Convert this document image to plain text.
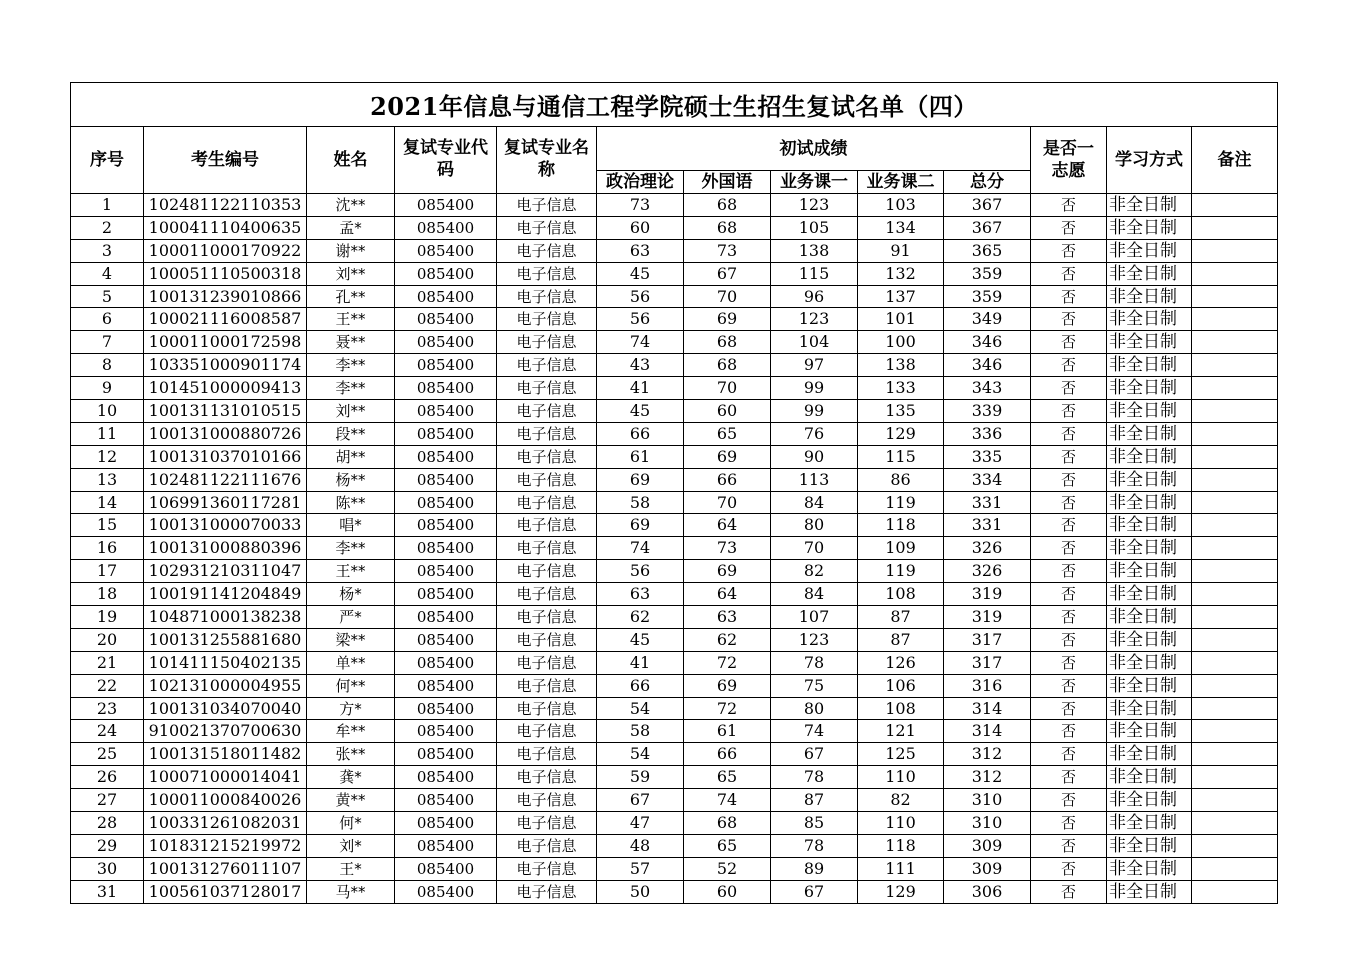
2021年信息与通信工程学院硕士生招生复试名单（四）												
序号	考生编号	姓名	复试专业代码	复试专业名称	初试成绩					是否一志愿	学习方式	备注
					政治理论	外国语	业务课一	业务课二	总分			
1	102481122110353	沈**	085400	电子信息	73	68	123	103	367	否	非全日制	
2	100041110400635	孟*	085400	电子信息	60	68	105	134	367	否	非全日制	
3	100011000170922	谢**	085400	电子信息	63	73	138	91	365	否	非全日制	
4	100051110500318	刘**	085400	电子信息	45	67	115	132	359	否	非全日制	
5	100131239010866	孔**	085400	电子信息	56	70	96	137	359	否	非全日制	
6	100021116008587	王**	085400	电子信息	56	69	123	101	349	否	非全日制	
7	100011000172598	聂**	085400	电子信息	74	68	104	100	346	否	非全日制	
8	103351000901174	李**	085400	电子信息	43	68	97	138	346	否	非全日制	
9	101451000009413	李**	085400	电子信息	41	70	99	133	343	否	非全日制	
10	100131131010515	刘**	085400	电子信息	45	60	99	135	339	否	非全日制	
11	100131000880726	段**	085400	电子信息	66	65	76	129	336	否	非全日制	
12	100131037010166	胡**	085400	电子信息	61	69	90	115	335	否	非全日制	
13	102481122111676	杨**	085400	电子信息	69	66	113	86	334	否	非全日制	
14	106991360117281	陈**	085400	电子信息	58	70	84	119	331	否	非全日制	
15	100131000070033	唱*	085400	电子信息	69	64	80	118	331	否	非全日制	
16	100131000880396	李**	085400	电子信息	74	73	70	109	326	否	非全日制	
17	102931210311047	王**	085400	电子信息	56	69	82	119	326	否	非全日制	
18	100191141204849	杨*	085400	电子信息	63	64	84	108	319	否	非全日制	
19	104871000138238	严*	085400	电子信息	62	63	107	87	319	否	非全日制	
20	100131255881680	梁**	085400	电子信息	45	62	123	87	317	否	非全日制	
21	101411150402135	单**	085400	电子信息	41	72	78	126	317	否	非全日制	
22	102131000004955	何**	085400	电子信息	66	69	75	106	316	否	非全日制	
23	100131034070040	方*	085400	电子信息	54	72	80	108	314	否	非全日制	
24	910021370700630	牟**	085400	电子信息	58	61	74	121	314	否	非全日制	
25	100131518011482	张**	085400	电子信息	54	66	67	125	312	否	非全日制	
26	100071000014041	龚*	085400	电子信息	59	65	78	110	312	否	非全日制	
27	100011000840026	黄**	085400	电子信息	67	74	87	82	310	否	非全日制	
28	100331261082031	何*	085400	电子信息	47	68	85	110	310	否	非全日制	
29	101831215219972	刘*	085400	电子信息	48	65	78	118	309	否	非全日制	
30	100131276011107	王*	085400	电子信息	57	52	89	111	309	否	非全日制	
31	100561037128017	马**	085400	电子信息	50	60	67	129	306	否	非全日制	
